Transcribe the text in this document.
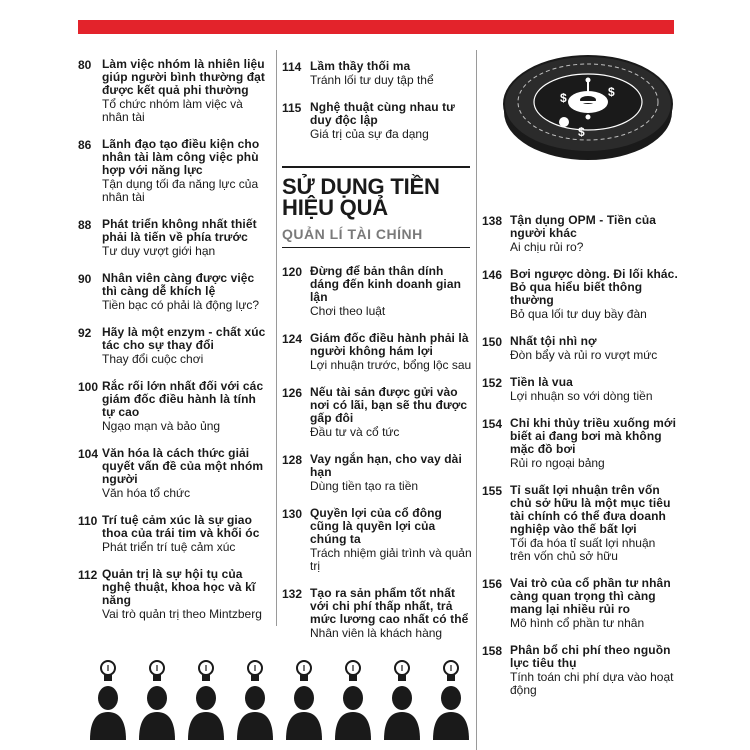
80 Làm việc nhóm là nhiên liệu giúp người bình thường đạt được kết quả phi thường
Tổ chức nhóm làm việc và nhân tài
86 Lãnh đạo tạo điều kiện cho nhân tài làm công việc phù hợp với năng lực
Tận dụng tối đa năng lực của nhân tài
88 Phát triển không nhất thiết phải là tiến về phía trước
Tư duy vượt giới hạn
90 Nhân viên càng được việc thì càng dễ khích lệ
Tiền bạc có phải là động lực?
92 Hãy là một enzym - chất xúc tác cho sự thay đổi
Thay đổi cuộc chơi
100 Rắc rối lớn nhất đối với các giám đốc điều hành là tính tự cao
Ngạo mạn và bảo ủng
104 Văn hóa là cách thức giải quyết vấn đề của một nhóm người
Văn hóa tổ chức
110 Trí tuệ cảm xúc là sự giao thoa của trái tim và khối óc
Phát triển trí tuệ cảm xúc
112 Quản trị là sự hội tụ của nghệ thuật, khoa học và kĩ năng
Vai trò quản trị theo Mintzberg
114 Lầm thầy thối ma
Tránh lối tư duy tập thể
115 Nghệ thuật cùng nhau tư duy độc lập
Giá trị của sự đa dạng
SỬ DỤNG TIỀN HIỆU QUẢ
QUẢN LÍ TÀI CHÍNH
120 Đừng để bản thân dính dáng đến kinh doanh gian lận
Chơi theo luật
124 Giám đốc điều hành phải là người không hám lợi
Lợi nhuận trước, bổng lộc sau
126 Nếu tài sản được gửi vào nơi có lãi, bạn sẽ thu được gấp đôi
Đầu tư và cổ tức
128 Vay ngắn hạn, cho vay dài hạn
Dùng tiền tạo ra tiền
130 Quyền lợi của cổ đông cũng là quyền lợi của chúng ta
Trách nhiệm giải trình và quản trị
132 Tạo ra sản phẩm tốt nhất với chi phí thấp nhất, trả mức lương cao nhất có thể
Nhân viên là khách hàng
$	$
$
138 Tận dụng OPM - Tiền của người khác
Ai chịu rủi ro?
146 Bơi ngược dòng. Đi lối khác. Bỏ qua hiểu biết thông thường
Bỏ qua lối tư duy bầy đàn
150 Nhất tội nhì nợ
Đòn bẩy và rủi ro vượt mức
152 Tiền là vua
Lợi nhuận so với dòng tiền
154 Chỉ khi thủy triều xuống mới biết ai đang bơi mà không mặc đồ bơi
Rủi ro ngoại bảng
155 Tỉ suất lợi nhuận trên vốn chủ sở hữu là một mục tiêu tài chính có thể đưa doanh nghiệp vào thế bất lợi
Tối đa hóa tỉ suất lợi nhuận trên vốn chủ sở hữu
156 Vai trò của cổ phần tư nhân càng quan trọng thì càng mang lại nhiều rủi ro
Mô hình cổ phần tư nhân
158 Phân bổ chi phí theo nguồn lực tiêu thụ
Tính toán chi phí dựa vào hoạt động
